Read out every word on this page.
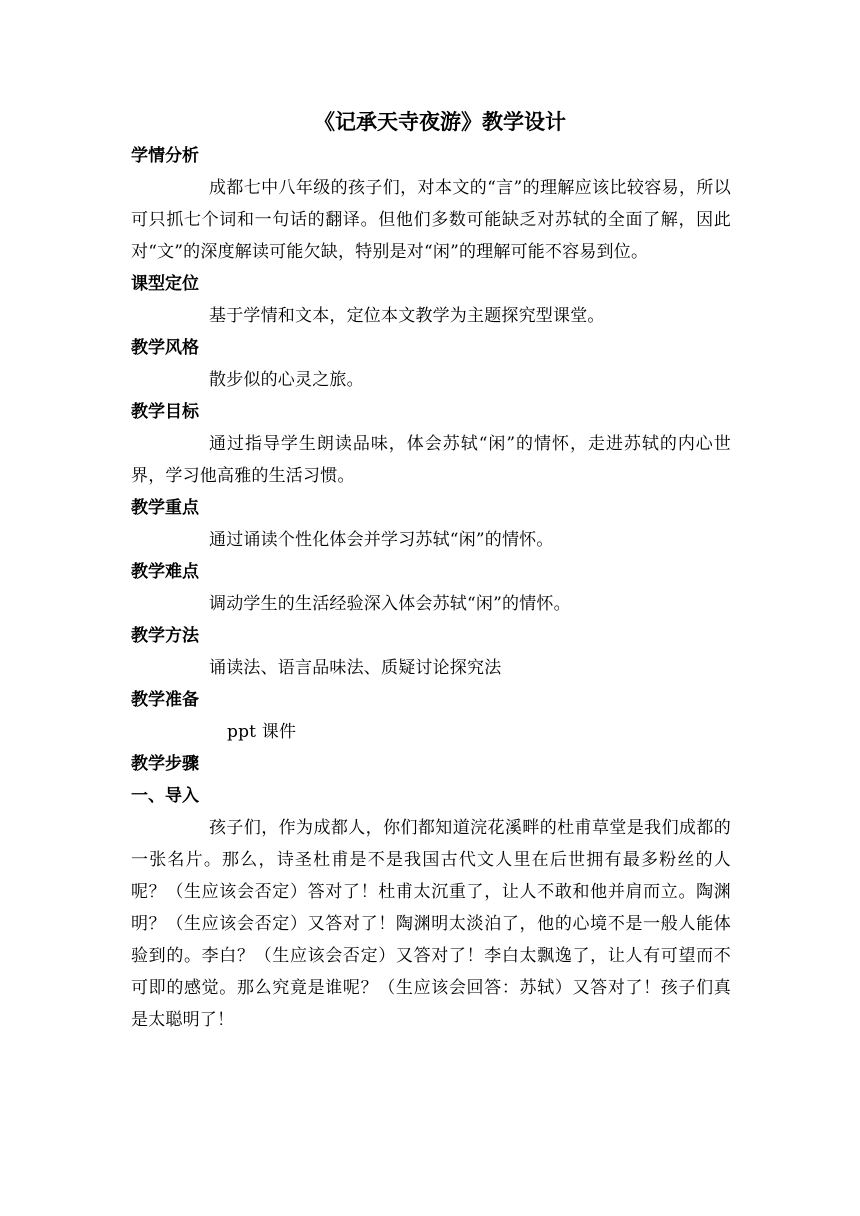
《记承天寺夜游》教学设计
学情分析

成都七中八年级的孩子们，对本文的“言”的理解应该比较容易，所以可只抓七个词和一句话的翻译。但他们多数可能缺乏对苏轼的全面了解，因此对“文”的深度解读可能欠缺，特别是对“闲”的理解可能不容易到位。

课型定位

基于学情和文本，定位本文教学为主题探究型课堂。

教学风格

散步似的心灵之旅。

教学目标

通过指导学生朗读品味，体会苏轼“闲”的情怀，走进苏轼的内心世界，学习他高雅的生活习惯。

教学重点

通过诵读个性化体会并学习苏轼“闲”的情怀。

教学难点

调动学生的生活经验深入体会苏轼“闲”的情怀。

教学方法

诵读法、语言品味法、质疑讨论探究法

教学准备

ppt 课件

教学步骤
一、导入

孩子们，作为成都人，你们都知道浣花溪畔的杜甫草堂是我们成都的一张名片。那么，诗圣杜甫是不是我国古代文人里在后世拥有最多粉丝的人呢？（生应该会否定）答对了！杜甫太沉重了，让人不敢和他并肩而立。陶渊明？（生应该会否定）又答对了！陶渊明太淡泊了，他的心境不是一般人能体验到的。李白？（生应该会否定）又答对了！李白太飘逸了，让人有可望而不可即的感觉。那么究竟是谁呢？（生应该会回答：苏轼）又答对了！孩子们真是太聪明了！
